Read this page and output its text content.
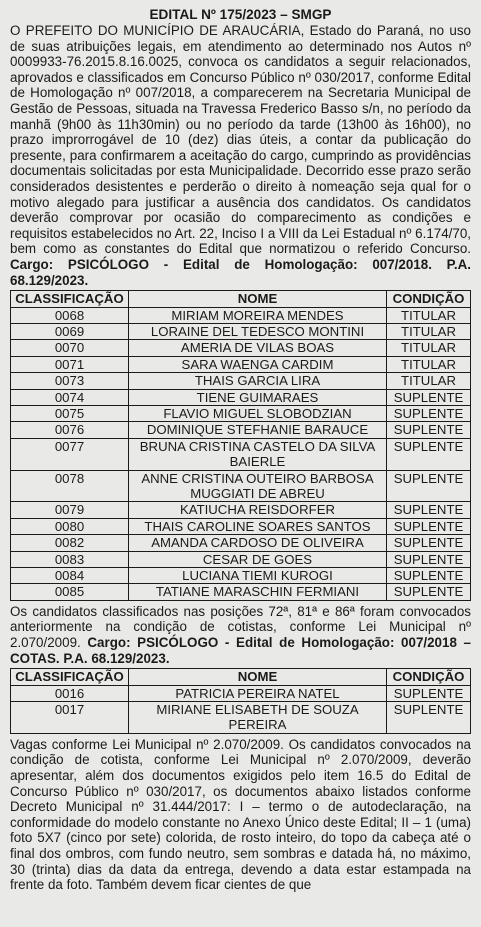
EDITAL Nº 175/2023 – SMGP

O PREFEITO DO MUNICÍPIO DE ARAUCÁRIA, Estado do Paraná, no uso de suas atribuições legais, em atendimento ao determinado nos Autos nº 0009933-76.2015.8.16.0025, convoca os candidatos a seguir relacionados, aprovados e classificados em Concurso Público nº 030/2017, conforme Edital de Homologação nº 007/2018, a comparecerem na Secretaria Municipal de Gestão de Pessoas, situada na Travessa Frederico Basso s/n, no período da manhã (9h00 às 11h30min) ou no período da tarde (13h00 às 16h00), no prazo improrrogável de 10 (dez) dias úteis, a contar da publicação do presente, para confirmarem a aceitação do cargo, cumprindo as providências documentais solicitadas por esta Municipalidade. Decorrido esse prazo serão considerados desistentes e perderão o direito à nomeação seja qual for o motivo alegado para justificar a ausência dos candidatos. Os candidatos deverão comprovar por ocasião do comparecimento as condições e requisitos estabelecidos no Art. 22, Inciso I a VIII da Lei Estadual nº 6.174/70, bem como as constantes do Edital que normatizou o referido Concurso. Cargo: PSICÓLOGO - Edital de Homologação: 007/2018. P.A. 68.129/2023.

CLASSIFICAÇÃO	NOME	CONDIÇÃO
0068	MIRIAM MOREIRA MENDES	TITULAR
0069	LORAINE DEL TEDESCO MONTINI	TITULAR
0070	AMERIA DE VILAS BOAS	TITULAR
0071	SARA WAENGA CARDIM	TITULAR
0073	THAIS GARCIA LIRA	TITULAR
0074	TIENE GUIMARAES	SUPLENTE
0075	FLAVIO MIGUEL SLOBODZIAN	SUPLENTE
0076	DOMINIQUE STEFHANIE BARAUCE	SUPLENTE
0077	BRUNA CRISTINA CASTELO DA SILVA BAIERLE	SUPLENTE
0078	ANNE CRISTINA OUTEIRO BARBOSA MUGGIATI DE ABREU	SUPLENTE
0079	KATIUCHA REISDORFER	SUPLENTE
0080	THAIS CAROLINE SOARES SANTOS	SUPLENTE
0082	AMANDA CARDOSO DE OLIVEIRA	SUPLENTE
0083	CESAR DE GOES	SUPLENTE
0084	LUCIANA TIEMI KUROGI	SUPLENTE
0085	TATIANE MARASCHIN FERMIANI	SUPLENTE

Os candidatos classificados nas posições 72ª, 81ª e 86ª foram convocados anteriormente na condição de cotistas, conforme Lei Municipal nº 2.070/2009. Cargo: PSICÓLOGO - Edital de Homologação: 007/2018 – COTAS. P.A. 68.129/2023.

CLASSIFICAÇÃO	NOME	CONDIÇÃO
0016	PATRICIA PEREIRA NATEL	SUPLENTE
0017	MIRIANE ELISABETH DE SOUZA PEREIRA	SUPLENTE

Vagas conforme Lei Municipal nº 2.070/2009. Os candidatos convocados na condição de cotista, conforme Lei Municipal nº 2.070/2009, deverão apresentar, além dos documentos exigidos pelo item 16.5 do Edital de Concurso Público nº 030/2017, os documentos abaixo listados conforme Decreto Municipal nº 31.444/2017: I – termo o de autodeclaração, na conformidade do modelo constante no Anexo Único deste Edital; II – 1 (uma) foto 5X7 (cinco por sete) colorida, de rosto inteiro, do topo da cabeça até o final dos ombros, com fundo neutro, sem sombras e datada há, no máximo, 30 (trinta) dias da data da entrega, devendo a data estar estampada na frente da foto. Também devem ficar cientes de que
